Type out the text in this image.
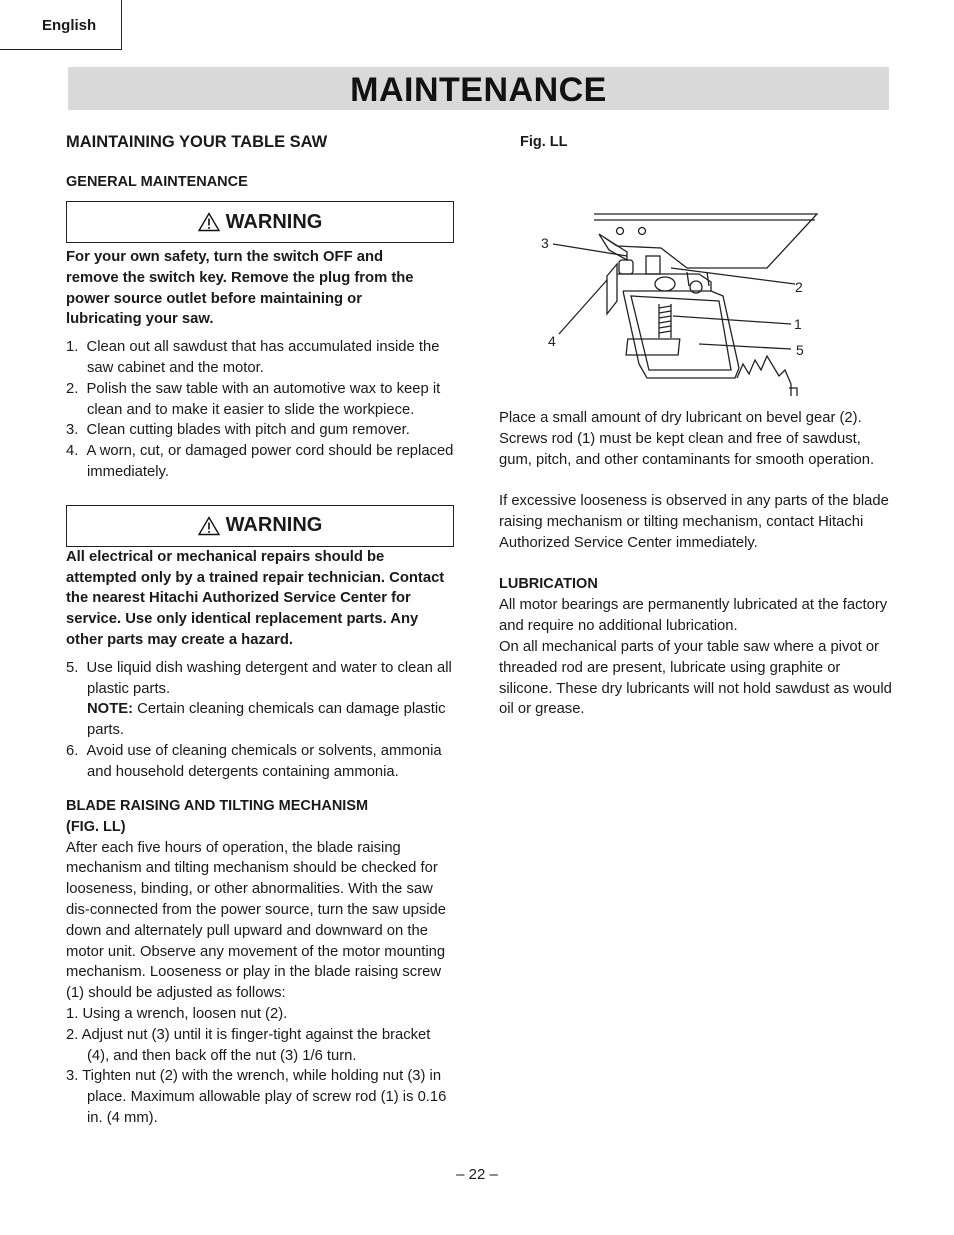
English
MAINTENANCE
MAINTAINING YOUR TABLE SAW
GENERAL MAINTENANCE
WARNING

For your own safety, turn the switch OFF and remove the switch key. Remove the plug from the power source outlet before maintaining or lubricating your saw.

1.  Clean out all sawdust that has accumulated inside the saw cabinet and the motor.
2.  Polish the saw table with an automotive wax to keep it clean and to make it easier to slide the workpiece.
3.  Clean cutting blades with pitch and gum remover.
4.  A worn, cut, or damaged power cord should be replaced immediately.
WARNING

All electrical or mechanical repairs should be attempted only by a trained repair technician. Contact the nearest Hitachi Authorized Service Center for service. Use only identical replacement parts. Any other parts may create a hazard.

5.  Use liquid dish washing detergent and water to clean all plastic parts.

NOTE: Certain cleaning chemicals can damage plastic parts.

6.  Avoid use of cleaning chemicals or solvents, ammonia and household detergents containing ammonia.
BLADE RAISING AND TILTING MECHANISM
(FIG. LL)

After each five hours of operation, the blade raising mechanism and tilting mechanism should be checked for looseness, binding, or other abnormalities. With the saw dis-connected from the power source, turn the saw upside down and alternately pull upward and downward on the motor unit. Observe any movement of the motor mounting mechanism. Looseness or play in the blade raising screw (1) should be adjusted as follows:

1. Using a wrench, loosen nut (2).
2. Adjust nut (3) until it is finger-tight against the bracket (4), and then back off the nut (3) 1/6 turn.
3. Tighten nut (2) with the wrench, while holding nut (3) in place. Maximum allowable play of screw rod (1) is 0.16 in. (4 mm).

Fig. LL

3
2
1
4
5

Place a small amount of dry lubricant on bevel gear (2). Screws rod (1) must be kept clean and free of sawdust, gum, pitch, and other contaminants for smooth operation.

If excessive looseness is observed in any parts of the blade raising mechanism or tilting mechanism, contact Hitachi Authorized Service Center immediately.

LUBRICATION

All motor bearings are permanently lubricated at the factory and require no additional lubrication.

On all mechanical parts of your table saw where a pivot or threaded rod are present, lubricate using graphite or silicone. These dry lubricants will not hold sawdust as would oil or grease.

– 22 –
